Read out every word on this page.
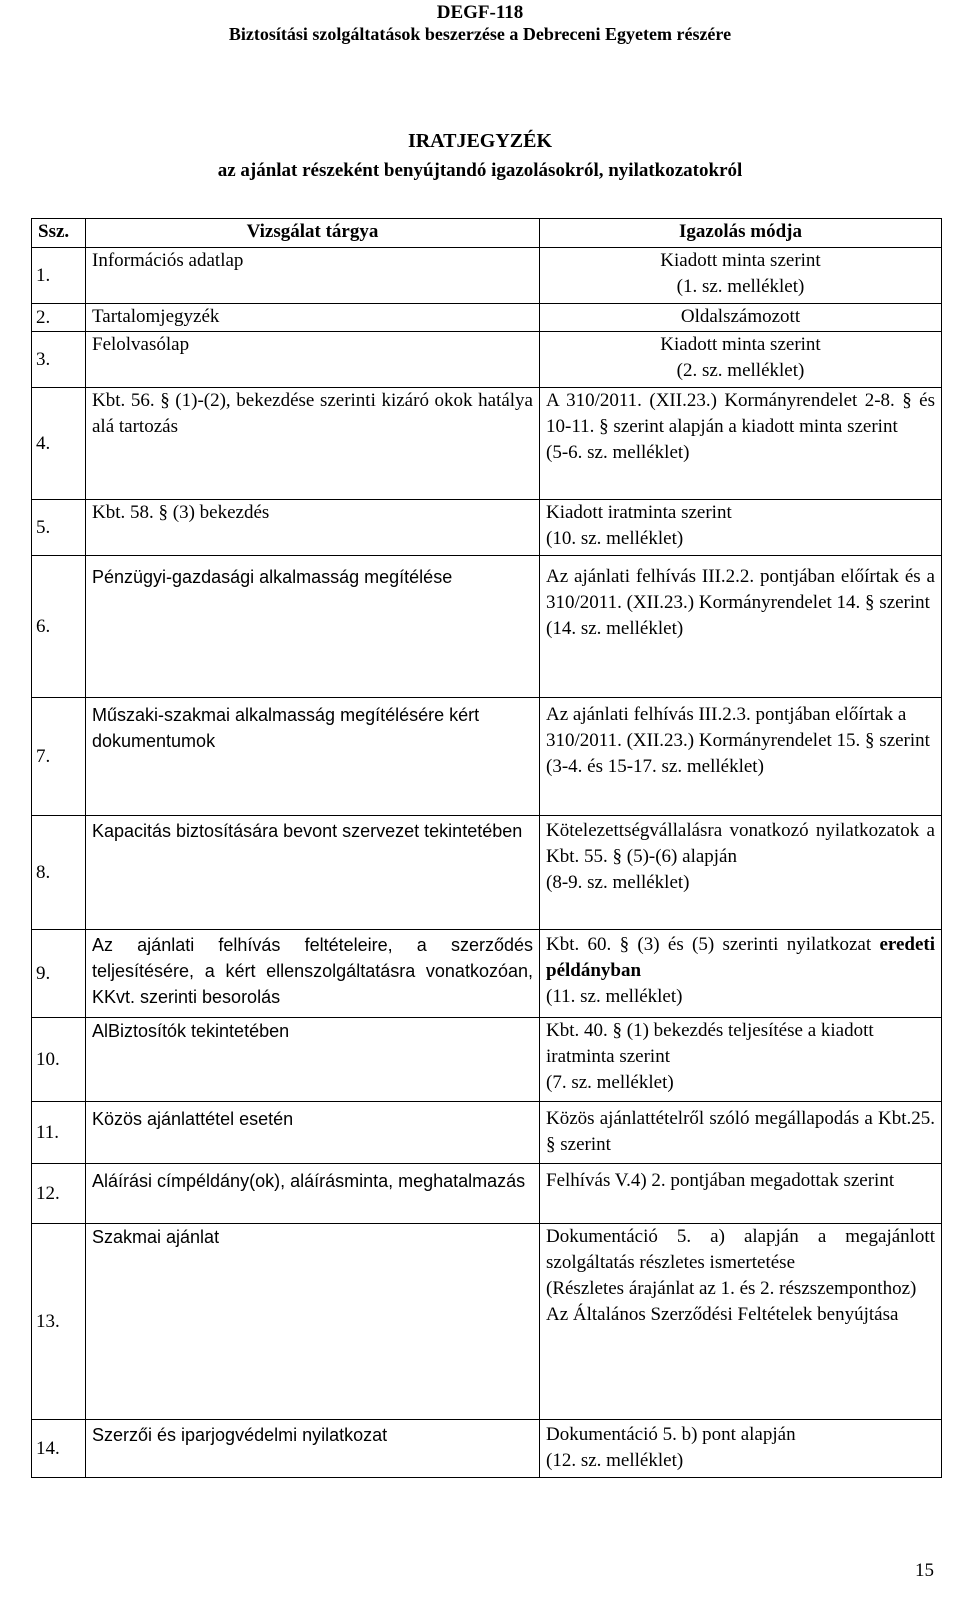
DEGF-118
Biztosítási szolgáltatások beszerzése a Debreceni Egyetem részére
IRATJEGYZÉK
az ajánlat részeként benyújtandó igazolásokról, nyilatkozatokról
Ssz.	Vizsgálat tárgya	Igazolás módja
1.	Információs adatlap	Kiadott minta szerint
(1. sz. melléklet)

2.	Tartalomjegyzék	Oldalszámozott
3.	Felolvasólap	Kiadott minta szerint
(2. sz. melléklet)

4.	Kbt. 56. § (1)-(2), bekezdése szerinti kizáró okok hatálya alá tartozás	A 310/2011. (XII.23.) Kormányrendelet 2-8. § és 10-11. § szerint alapján a kiadott minta szerint
(5-6. sz. melléklet)

5.	Kbt. 58. § (3) bekezdés	Kiadott iratminta szerint
(10. sz. melléklet)

6.	Pénzügyi-gazdasági alkalmasság megítélése	Az ajánlati felhívás III.2.2. pontjában előírtak és a 310/2011. (XII.23.) Kormányrendelet 14. § szerint
(14. sz. melléklet)

7.	Műszaki-szakmai alkalmasság megítélésére kért dokumentumok	Az ajánlati felhívás III.2.3. pontjában előírtak a 310/2011. (XII.23.) Kormányrendelet 15. § szerint
(3-4. és 15-17. sz. melléklet)

8.	Kapacitás biztosítására bevont szervezet tekintetében	Kötelezettségvállalásra vonatkozó nyilatkozatok a Kbt. 55. § (5)-(6) alapján
(8-9. sz. melléklet)

9.	Az ajánlati felhívás feltételeire, a szerződés teljesítésére, a kért ellenszolgáltatásra vonatkozóan, KKvt. szerinti besorolás	Kbt. 60. § (3) és (5) szerinti nyilatkozat eredeti példányban
(11. sz. melléklet)
10.	AlBiztosítók tekintetében	Kbt. 40. § (1) bekezdés teljesítése a kiadott iratminta szerint
(7. sz. melléklet)

11.	Közös ajánlattétel esetén	Közös ajánlattételről szóló megállapodás a Kbt.25. § szerint
12.	Aláírási címpéldány(ok), aláírásminta, meghatalmazás	Felhívás V.4) 2. pontjában megadottak szerint
13.	Szakmai ajánlat	Dokumentáció 5. a) alapján a megajánlott szolgáltatás részletes ismertetése
(Részletes árajánlat az 1. és 2. részszemponthoz)
Az Általános Szerződési Feltételek benyújtása

14.	Szerzői és iparjogvédelmi nyilatkozat	Dokumentáció 5. b) pont alapján
(12. sz. melléklet)
15
